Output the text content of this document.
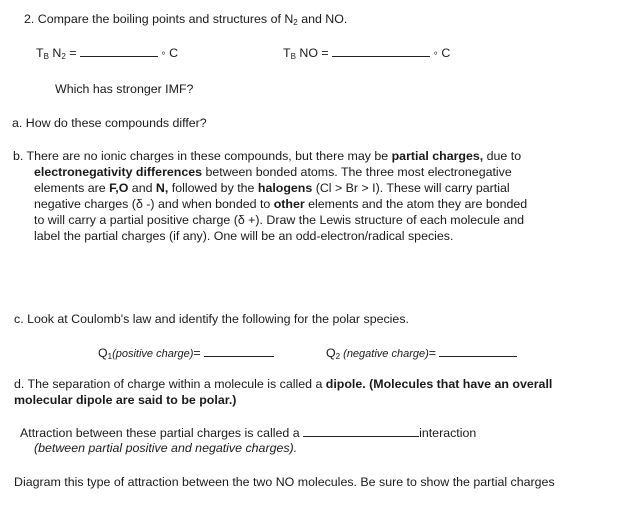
2. Compare the boiling points and structures of $N_2$ and NO.
$T_B$ $N_2$ =	◦ C	$T_B$ NO =	◦ C
Which has stronger IMF?
a. How do these compounds differ?
b. There are no ionic charges in these compounds, but there may be partial charges, due to
electronegativity differences between bonded atoms. The three most electronegative
elements are F,O and N, followed by the halogens (Cl > Br > I). These will carry partial
negative charges (δ -) and when bonded to other elements and the atom they are bonded
to will carry a partial positive charge (δ +). Draw the Lewis structure of each molecule and
label the partial charges (if any). One will be an odd-electron/radical species.
c. Look at Coulomb's law and identify the following for the polar species.
$Q_1(positive$ charge)=	$Q_2$ (negative charge)=
d. The separation of charge within a molecule is called a dipole. (Molecules that have an overall
molecular dipole are said to be polar.)
Attraction between these partial charges is called a	interaction
(between partial positive and negative charges).
Diagram this type of attraction between the two NO molecules. Be sure to show the partial charges
